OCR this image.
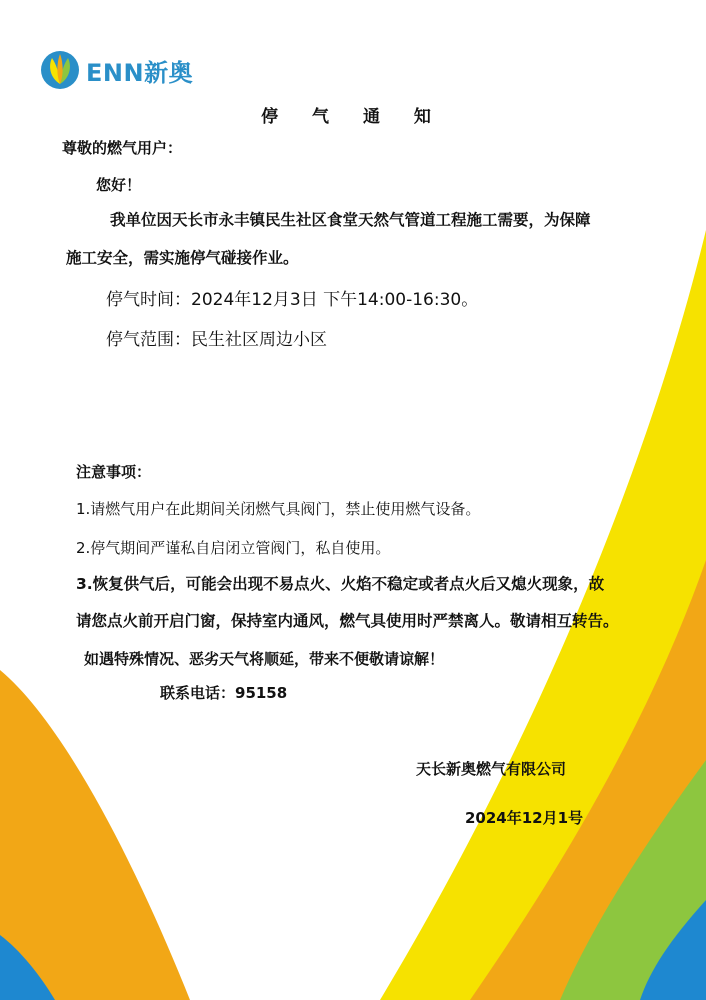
ENN新奥
停 气 通 知
尊敬的燃气用户：
您好！
我单位因天长市永丰镇民生社区食堂天然气管道工程施工需要，为保障
施工安全，需实施停气碰接作业。
停气时间：2024年12月3日 下午14:00-16:30。
停气范围：民生社区周边小区
注意事项：
1.请燃气用户在此期间关闭燃气具阀门，禁止使用燃气设备。
2.停气期间严谨私自启闭立管阀门，私自使用。
3.恢复供气后，可能会出现不易点火、火焰不稳定或者点火后又熄火现象，故
请您点火前开启门窗，保持室内通风，燃气具使用时严禁离人。敬请相互转告。
如遇特殊情况、恶劣天气将顺延，带来不便敬请谅解！
联系电话：95158
天长新奥燃气有限公司
2024年12月1号
